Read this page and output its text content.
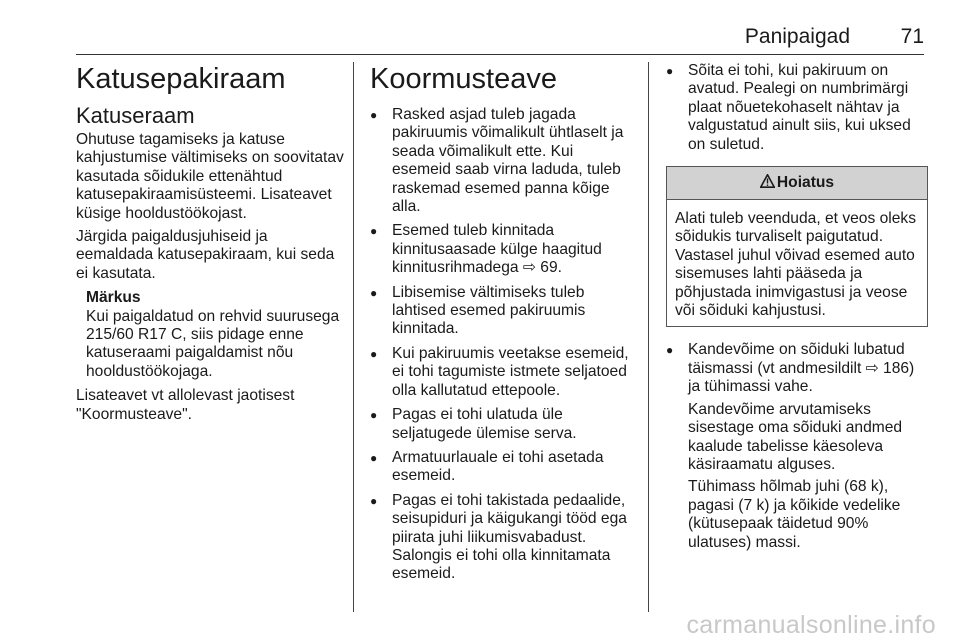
Panipaigad 71
Katusepakiraam
Katuseraam

Ohutuse tagamiseks ja katuse kahjustumise vältimiseks on soovitatav kasutada sõidukile ettenähtud katusepakiraamisüsteemi. Lisateavet küsige hooldustöökojast.

Järgida paigaldusjuhiseid ja eemaldada katusepakiraam, kui seda ei kasutata.

Märkus
Kui paigaldatud on rehvid suurusega 215/60 R17 C, siis pidage enne katuseraami paigaldamist nõu hooldustöökojaga.

Lisateavet vt allolevast jaotisest "Koormusteave".

Koormusteave
● Rasked asjad tuleb jagada pakiruumis võimalikult ühtlaselt ja seada võimalikult ette. Kui esemeid saab virna laduda, tuleb raskemad esemed panna kõige alla.
● Esemed tuleb kinnitada kinnitusaasade külge haagitud kinnitusrihmadega ⇨ 69.
● Libisemise vältimiseks tuleb lahtised esemed pakiruumis kinnitada.
● Kui pakiruumis veetakse esemeid, ei tohi tagumiste istmete seljatoed olla kallutatud ettepoole.
● Pagas ei tohi ulatuda üle seljatugede ülemise serva.
● Armatuurlauale ei tohi asetada esemeid.
● Pagas ei tohi takistada pedaalide, seisupiduri ja käigukangi tööd ega piirata juhi liikumisvabadust. Salongis ei tohi olla kinnitamata esemeid.
● Sõita ei tohi, kui pakiruum on avatud. Pealegi on numbrimärgi plaat nõuetekohaselt nähtav ja valgustatud ainult siis, kui uksed on suletud.
Hoiatus
Alati tuleb veenduda, et veos oleks sõidukis turvaliselt paigutatud. Vastasel juhul võivad esemed auto sisemuses lahti pääseda ja põhjustada inimvigastusi ja veose või sõiduki kahjustusi.
● Kandevõime on sõiduki lubatud täismassi (vt andmesildilt ⇨ 186) ja tühimassi vahe.
Kandevõime arvutamiseks sisestage oma sõiduki andmed kaalude tabelisse käesoleva käsiraamatu alguses.
Tühimass hõlmab juhi (68 k), pagasi (7 k) ja kõikide vedelike (kütusepaak täidetud 90% ulatuses) massi.
carmanualsonline.info
